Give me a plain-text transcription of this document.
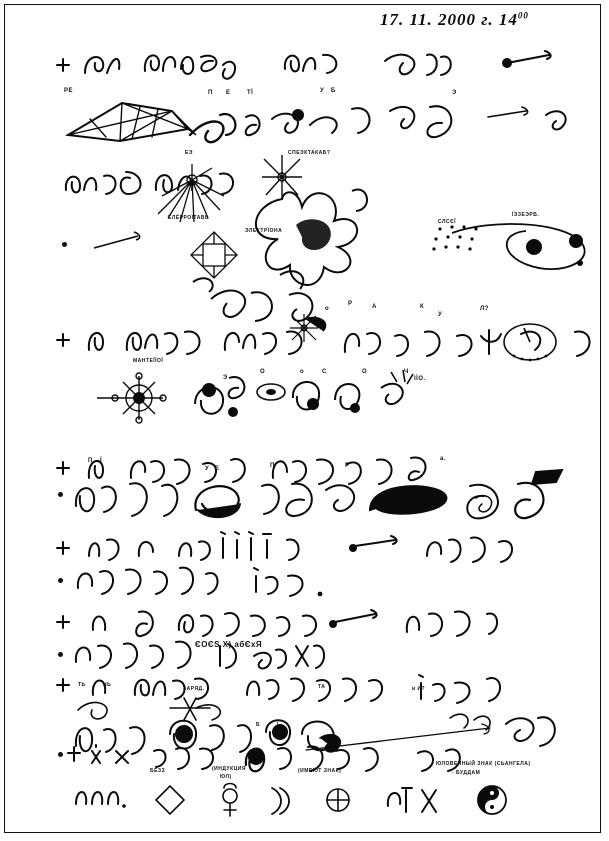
17. 11. 2000 г. $14^{00}$
РЕ	П Е	ТЇ	У Б	Э
ЕЭ	СПЕЭКТАКАБ?
ЕЛЁРРОЇТАВЬ
ЭЛЕКТРЇОНА
СЛСЄЇ
ЇЭЗЕЭРБ.
о
Р	А	К
У
Л?
МАНТЕЇЇОЇ
Э
О	о	С	О	Ч
ІЇО.
П Ї
У Е	П	Р
а.
ЄОЄЅ Х) абЄхЯ
ТЬ
Ї
НЬ
ЗАРЯД.	ТА	и И?
БЕЗЗ	(ИНДУКЦИЯ
ЮЛ)
(ИМЕЮТ ЗНАК)
ЮЛОВЕЧНЫЙ ЗНАК (СЬАНГЕЛА)
- БУДДАМ
Б	Ї
